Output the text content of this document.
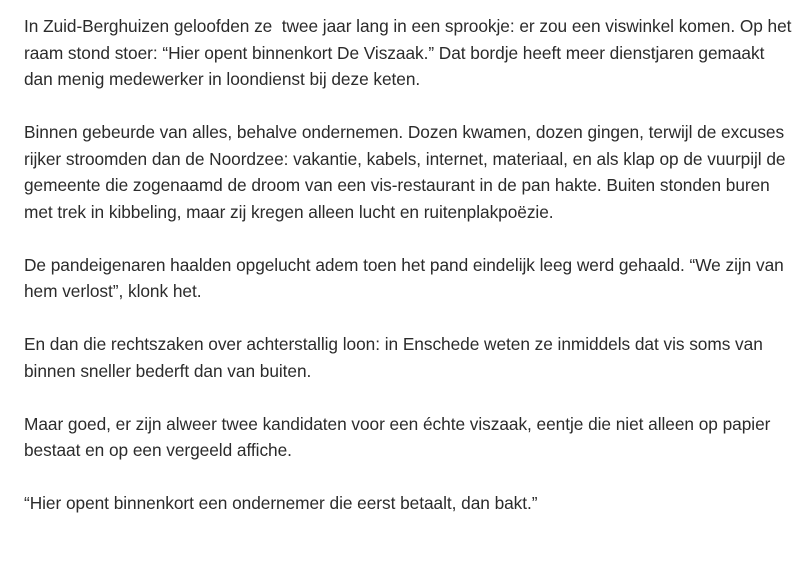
In Zuid-Berghuizen geloofden ze  twee jaar lang in een sprookje: er zou een viswinkel komen. Op het raam stond stoer: “Hier opent binnenkort De Viszaak.” Dat bordje heeft meer dienstjaren gemaakt dan menig medewerker in loondienst bij deze keten.

Binnen gebeurde van alles, behalve ondernemen. Dozen kwamen, dozen gingen, terwijl de excuses rijker stroomden dan de Noordzee: vakantie, kabels, internet, materiaal, en als klap op de vuurpijl de gemeente die zogenaamd de droom van een vis-restaurant in de pan hakte. Buiten stonden buren met trek in kibbeling, maar zij kregen alleen lucht en ruitenplakpoëzie.

De pandeigenaren haalden opgelucht adem toen het pand eindelijk leeg werd gehaald. “We zijn van hem verlost”, klonk het.

En dan die rechtszaken over achterstallig loon: in Enschede weten ze inmiddels dat vis soms van binnen sneller bederft dan van buiten.

Maar goed, er zijn alweer twee kandidaten voor een échte viszaak, eentje die niet alleen op papier bestaat en op een vergeeld affiche.

“Hier opent binnenkort een ondernemer die eerst betaalt, dan bakt.”
